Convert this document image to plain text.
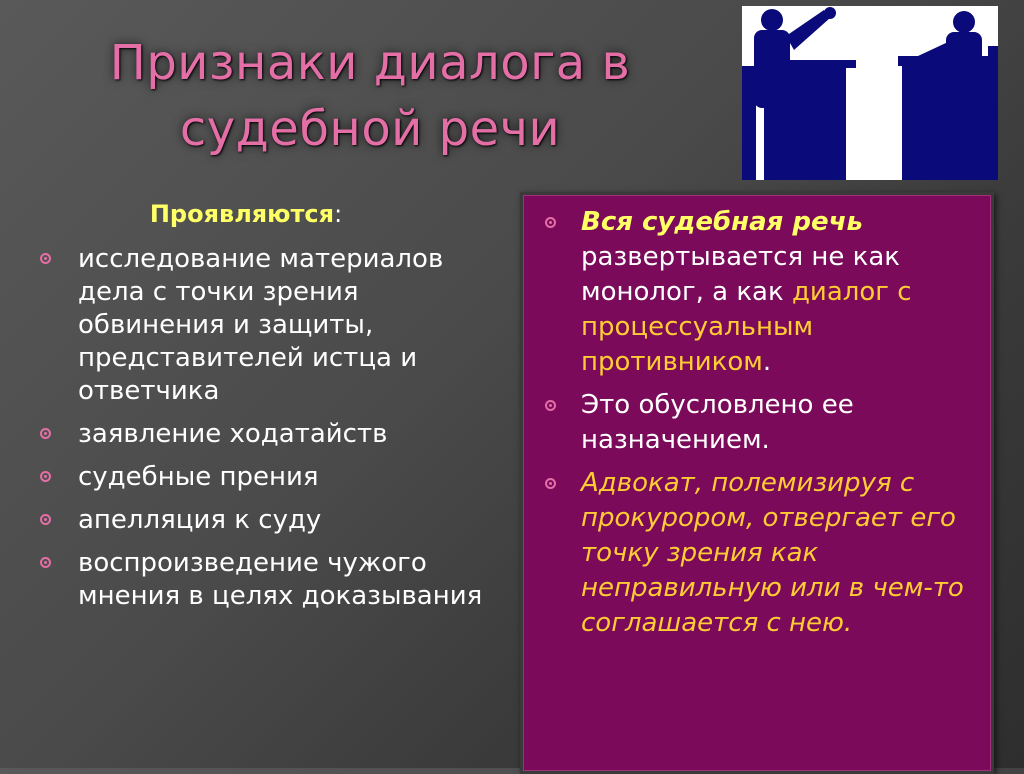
Признаки диалога в судебной речи
Проявляются:
исследование материалов дела с точки зрения обвинения и защиты, представителей истца и ответчика
заявление ходатайств
судебные прения
апелляция к суду
воспроизведение чужого мнения в целях доказывания
Вся судебная речь развертывается не как монолог, а как диалог с процессуальным противником.
Это обусловлено ее назначением.
Адвокат, полемизируя с прокурором, отвергает его точку зрения как неправильную или в чем-то соглашается с нею.
